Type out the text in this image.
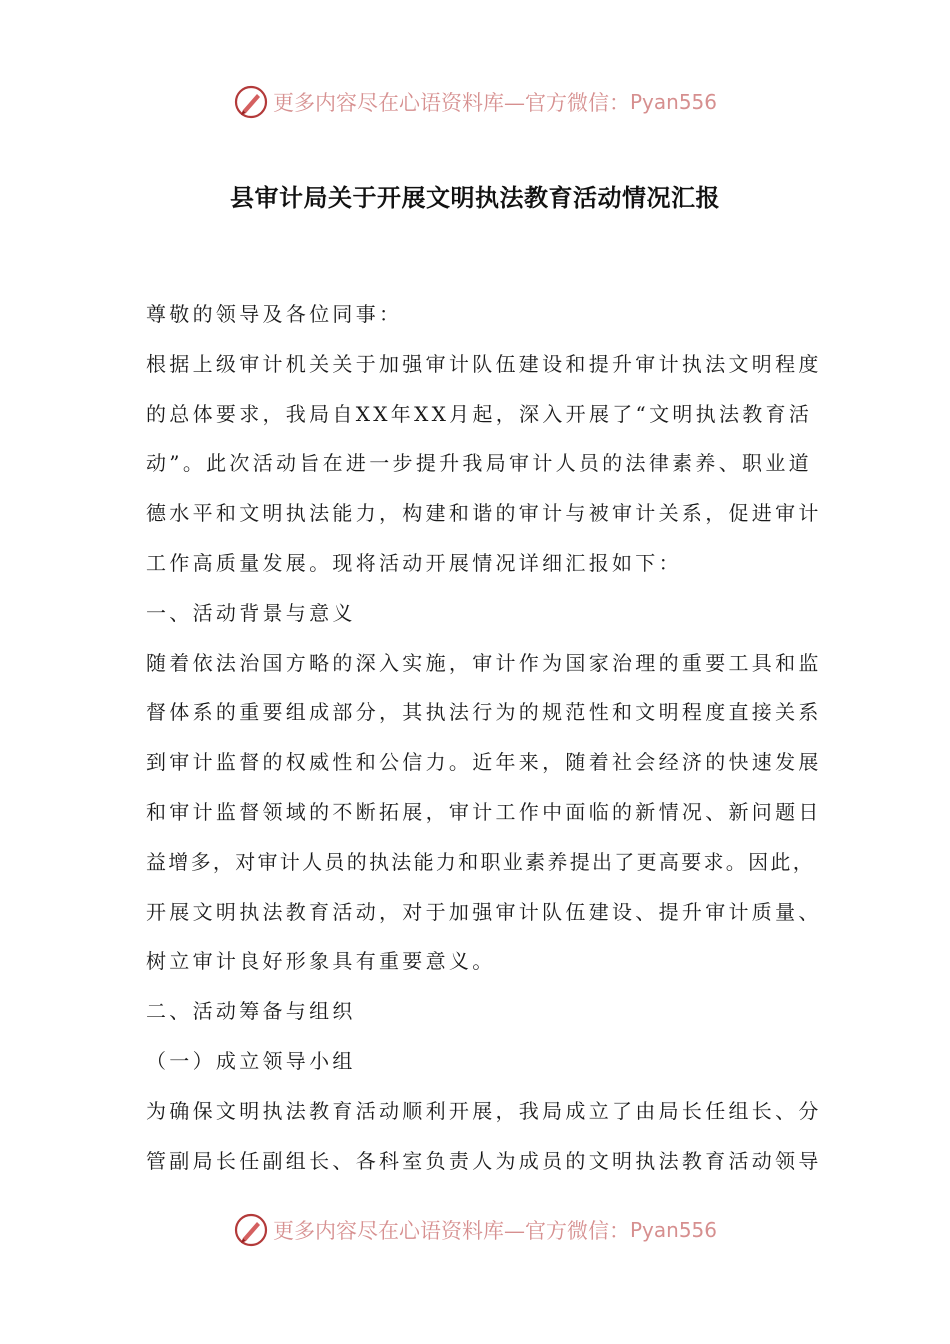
更多内容尽在心语资料库—官方微信： Pyan556
县审计局关于开展文明执法教育活动情况汇报
尊敬的领导及各位同事：
根据上级审计机关关于加强审计队伍建设和提升审计执法文明程度
的总体要求，我局自XX年XX月起，深入开展了“文明执法教育活
动”。此次活动旨在进一步提升我局审计人员的法律素养、职业道
德水平和文明执法能力，构建和谐的审计与被审计关系，促进审计
工作高质量发展。现将活动开展情况详细汇报如下：
一、活动背景与意义
随着依法治国方略的深入实施，审计作为国家治理的重要工具和监
督体系的重要组成部分，其执法行为的规范性和文明程度直接关系
到审计监督的权威性和公信力。近年来，随着社会经济的快速发展
和审计监督领域的不断拓展，审计工作中面临的新情况、新问题日
益增多，对审计人员的执法能力和职业素养提出了更高要求。因此，
开展文明执法教育活动，对于加强审计队伍建设、提升审计质量、
树立审计良好形象具有重要意义。
二、活动筹备与组织
（一）成立领导小组
为确保文明执法教育活动顺利开展，我局成立了由局长任组长、分
管副局长任副组长、各科室负责人为成员的文明执法教育活动领导
更多内容尽在心语资料库—官方微信： Pyan556
